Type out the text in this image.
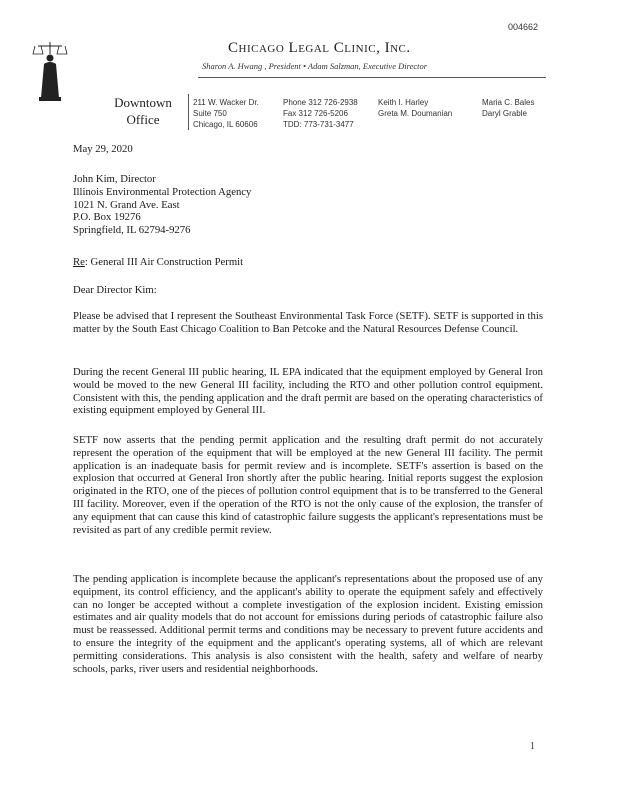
004662
Chicago Legal Clinic, Inc.
Sharon A. Hwang , President • Adam Salzman, Executive Director
Downtown
Office
211 W. Wacker Dr.
Suite 750
Chicago, IL 60606
Phone 312 726-2938
Fax 312 726-5206
TDD: 773-731-3477
Keith I. Harley
Greta M. Doumanian
Maria C. Bales
Daryl Grable
May 29, 2020
John Kim, Director
Illinois Environmental Protection Agency
1021 N. Grand Ave. East
P.O. Box 19276
Springfield, IL 62794-9276
Re: General III Air Construction Permit
Dear Director Kim:
Please be advised that I represent the Southeast Environmental Task Force (SETF). SETF is supported in this matter by the South East Chicago Coalition to Ban Petcoke and the Natural Resources Defense Council.
During the recent General III public hearing, IL EPA indicated that the equipment employed by General Iron would be moved to the new General III facility, including the RTO and other pollution control equipment. Consistent with this, the pending application and the draft permit are based on the operating characteristics of existing equipment employed by General III.
SETF now asserts that the pending permit application and the resulting draft permit do not accurately represent the operation of the equipment that will be employed at the new General III facility. The permit application is an inadequate basis for permit review and is incomplete. SETF's assertion is based on the explosion that occurred at General Iron shortly after the public hearing. Initial reports suggest the explosion originated in the RTO, one of the pieces of pollution control equipment that is to be transferred to the General III facility. Moreover, even if the operation of the RTO is not the only cause of the explosion, the transfer of any equipment that can cause this kind of catastrophic failure suggests the applicant's representations must be revisited as part of any credible permit review.
The pending application is incomplete because the applicant's representations about the proposed use of any equipment, its control efficiency, and the applicant's ability to operate the equipment safely and effectively can no longer be accepted without a complete investigation of the explosion incident. Existing emission estimates and air quality models that do not account for emissions during periods of catastrophic failure also must be reassessed. Additional permit terms and conditions may be necessary to prevent future accidents and to ensure the integrity of the equipment and the applicant's operating systems, all of which are relevant permitting considerations. This analysis is also consistent with the health, safety and welfare of nearby schools, parks, river users and residential neighborhoods.
1
